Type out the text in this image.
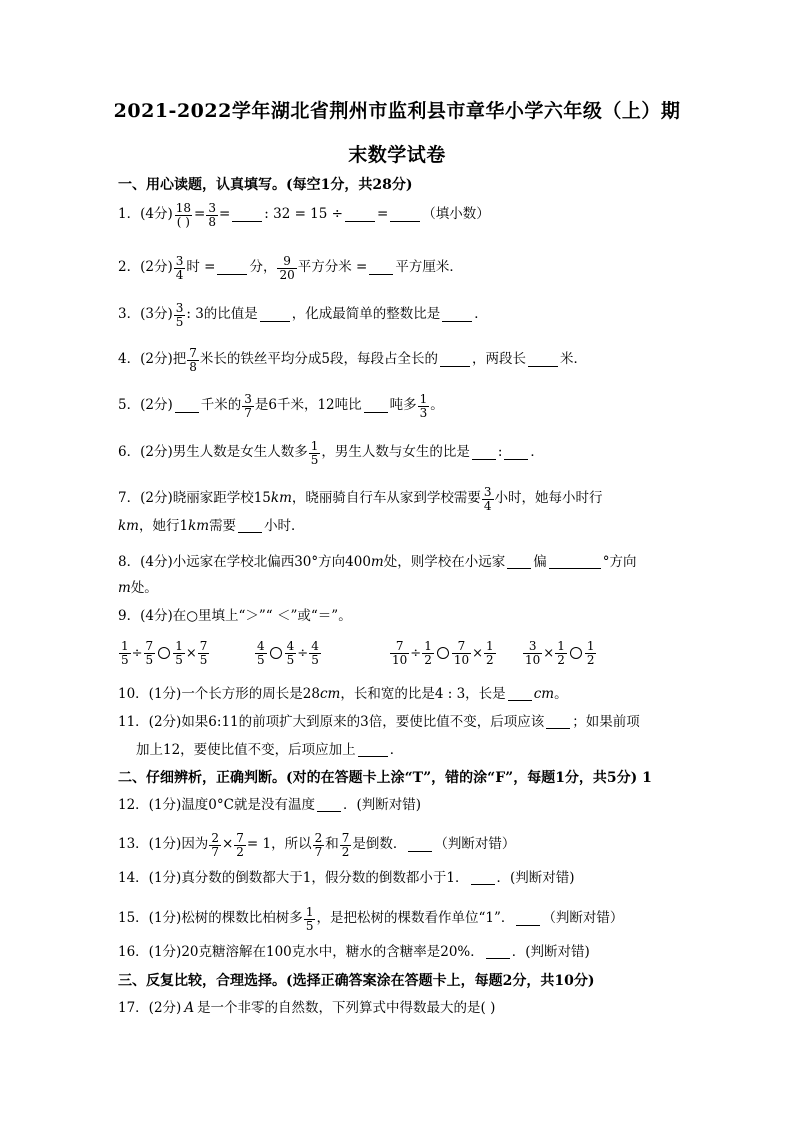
2021-2022学年湖北省荆州市监利县市章华小学六年级（上）期
末数学试卷
一、用心读题，认真填写。(每空1分，共28分)
1．(4分) 18
( ) = $\frac{3}{8}$ =	: 32 = 15 ÷	=	（填小数）
2．(2分) 3
4 时 =	分， 9
20 平方分米 = 平方厘米．
3．(3分) 3
5 : 3的比值是	，化成最简单的整数比是	．
4．(2分) 把 7
8 米长的铁丝平均分成5段，每段占全长的	，两段长	米．
5．(2分) 千米的 3
7 是6千米，12吨比 吨多 1
3 。
6．(2分) 男生人数是女生人数多 1
5 ，男生人数与女生的比是 : ．
7．(2分) 晓丽家距学校15 km ，晓丽骑自行车从家到学校需要 3
4 小时，她每小时行
km ，她行1 km 需要 小时．
8．(4分) 小远家在学校北偏西30°方向400 m 处，则学校在小远家 偏	°方向
m 处。
9．(4分) 在○里填上“＞”“ ＜”或“＝”。
$\frac{1}{5} \div \frac{7}{5} \frac{1}{5} \times \frac{7}{5}$	4
$5 \frac{4}{5} \div \frac{4}{5}$	$\frac{7}{10} \div \frac{1}{2} \frac{7}{10} \times \frac{1}{2} \frac{3}{10} \times \frac{1}{2} 1$
2
10．(1分) 一个长方形的周长是28 cm ，长和宽的比是4 : 3，长是 cm 。
11．(2分) 如果6:11的前项扩大到原来的3倍，要使比值不变，后项应该 ；如果前项
加上12，要使比值不变，后项应加上	．
二、仔细辨析，正确判断。(对的在答题卡上涂“T”，错的涂“F”，每题1分，共5分) 1
12．(1分) 温度0°C就是没有温度 ．(判断对错)
13．(1分) 因为 $\frac{2}{7} \times \frac{7}{2} = 1$，所以 2
7 和 7
2 是倒数． （判断对错）
14．(1分) 真分数的倒数都大于1，假分数的倒数都小于1． ．(判断对错)
15．(1分) 松树的棵数比柏树多 1
5 ，是把松树的棵数看作单位“1”． （判断对错）
16．(1分) 20克糖溶解在100克水中，糖水的含糖率是20%． ．(判断对错)
三、反复比较，合理选择。(选择正确答案涂在答题卡上，每题2分，共10分)
17．(2分) A 是一个非零的自然数，下列算式中得数最大的是( )
